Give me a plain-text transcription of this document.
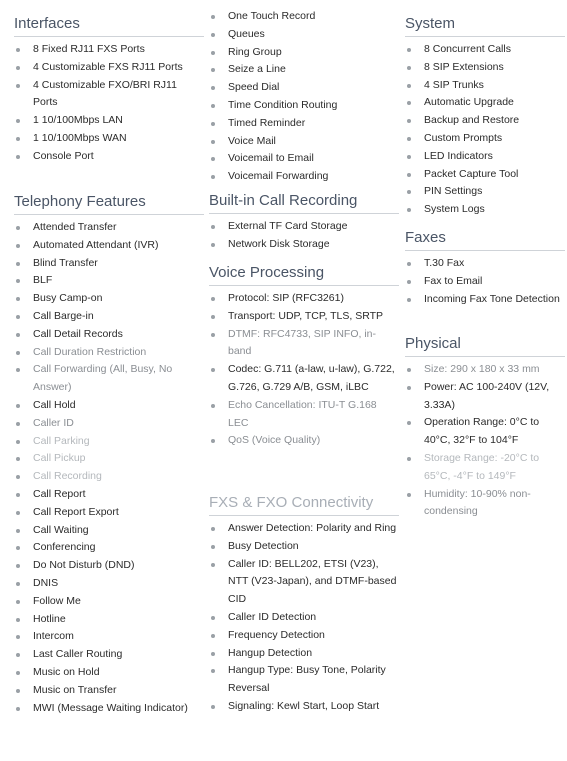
Interfaces
8 Fixed RJ11 FXS Ports
4 Customizable FXS RJ11 Ports
4 Customizable FXO/BRI RJ11 Ports
1 10/100Mbps LAN
1 10/100Mbps WAN
Console Port
Telephony Features
Attended Transfer
Automated Attendant (IVR)
Blind Transfer
BLF
Busy Camp-on
Call Barge-in
Call Detail Records
Call Duration Restriction
Call Forwarding (All, Busy, No Answer)
Call Hold
Caller ID
Call Parking
Call Pickup
Call Recording
Call Report
Call Report Export
Call Waiting
Conferencing
Do Not Disturb (DND)
DNIS
Follow Me
Hotline
Intercom
Last Caller Routing
Music on Hold
Music on Transfer
MWI (Message Waiting Indicator)
One Touch Record
Queues
Ring Group
Seize a Line
Speed Dial
Time Condition Routing
Timed Reminder
Voice Mail
Voicemail to Email
Voicemail Forwarding
Built-in Call Recording
External TF Card Storage
Network Disk Storage
Voice Processing
Protocol: SIP (RFC3261)
Transport: UDP, TCP, TLS, SRTP
DTMF: RFC4733, SIP INFO, in-band
Codec: G.711 (a-law, u-law), G.722, G.726, G.729 A/B, GSM, iLBC
Echo Cancellation: ITU-T G.168 LEC
QoS (Voice Quality)
FXS & FXO Connectivity
Answer Detection: Polarity and Ring
Busy Detection
Caller ID: BELL202, ETSI (V23), NTT (V23-Japan), and DTMF-based CID
Caller ID Detection
Frequency Detection
Hangup Detection
Hangup Type: Busy Tone, Polarity Reversal
Signaling: Kewl Start, Loop Start
System
8 Concurrent Calls
8 SIP Extensions
4 SIP Trunks
Automatic Upgrade
Backup and Restore
Custom Prompts
LED Indicators
Packet Capture Tool
PIN Settings
System Logs
Faxes
T.30 Fax
Fax to Email
Incoming Fax Tone Detection
Physical
Size: 290 x 180 x 33 mm
Power: AC 100-240V (12V, 3.33A)
Operation Range: 0°C to 40°C, 32°F to 104°F
Storage Range: -20°C to 65°C, -4°F to 149°F
Humidity: 10-90% non-condensing
